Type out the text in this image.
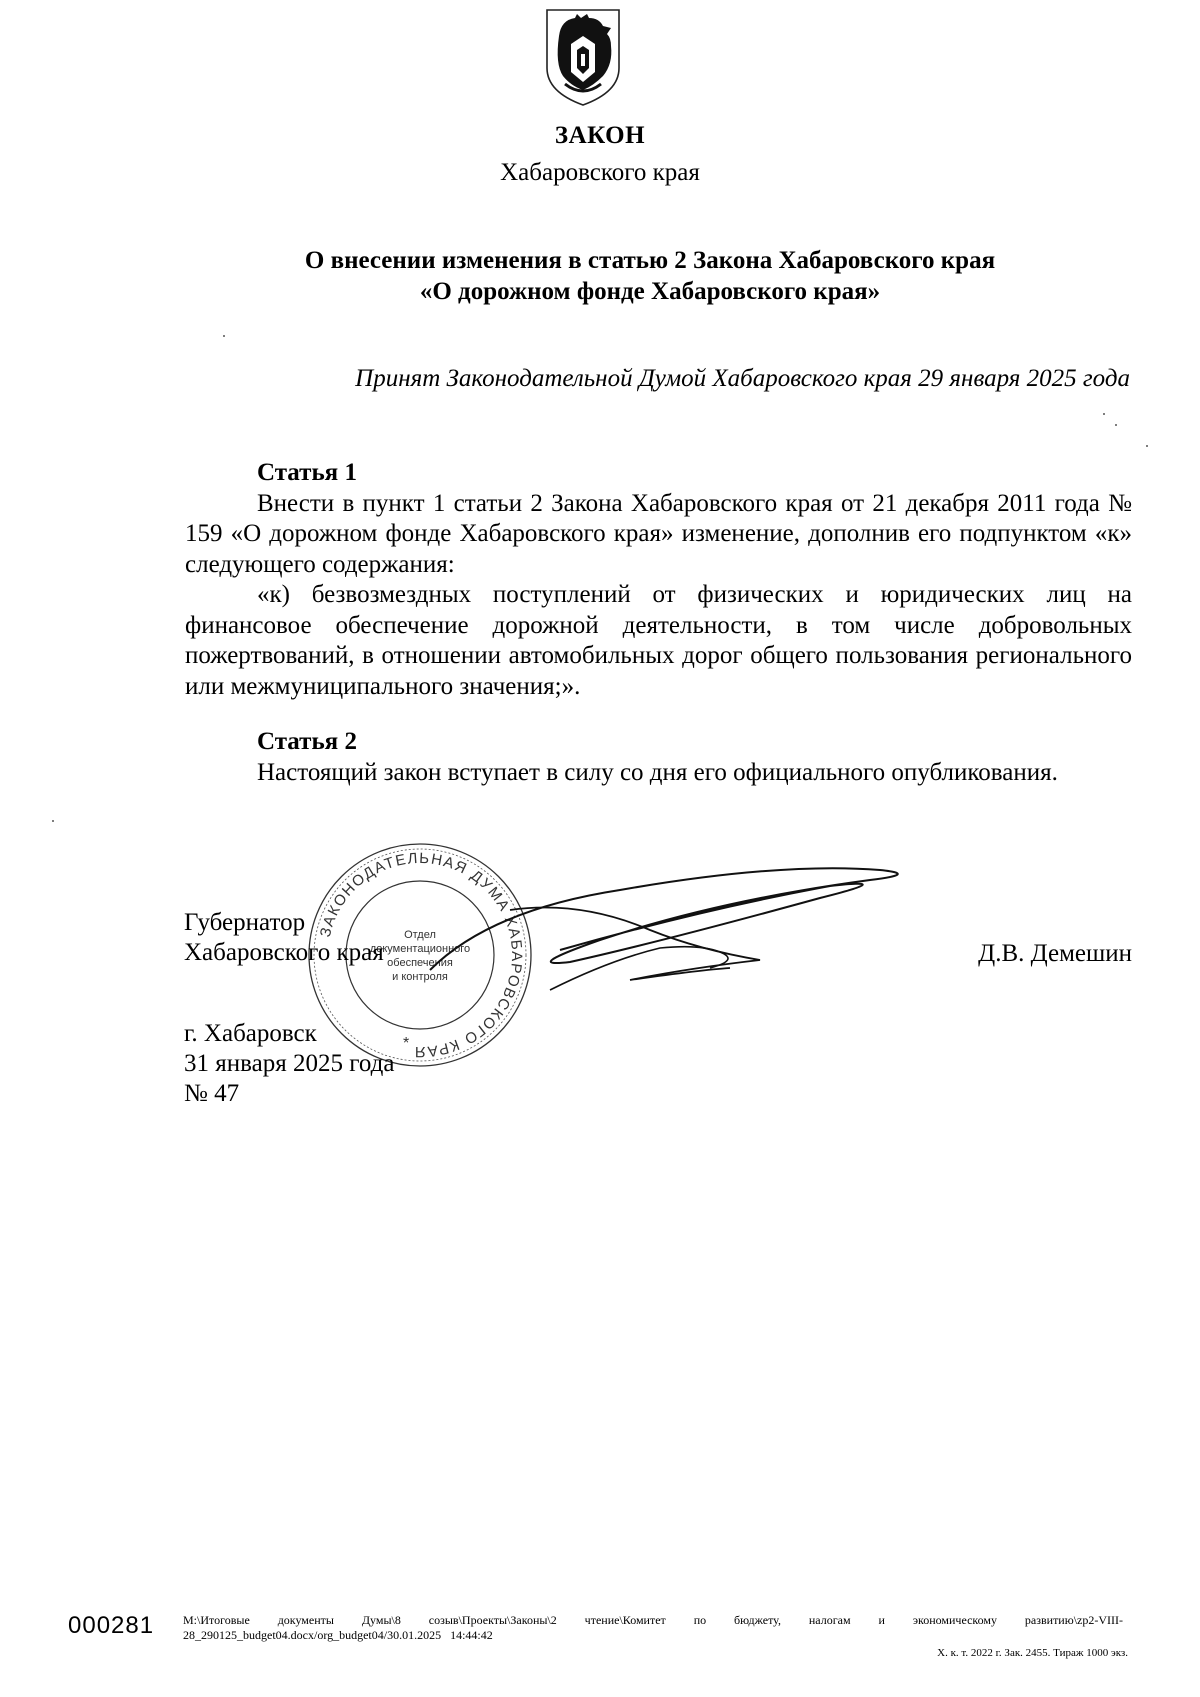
ЗАКОН
Хабаровского края
О внесении изменения в статью 2 Закона Хабаровского края
«О дорожном фонде Хабаровского края»
Принят Законодательной Думой Хабаровского края 29 января 2025 года
Статья 1

Внести в пункт 1 статьи 2 Закона Хабаровского края от 21 декабря 2011 года № 159 «О дорожном фонде Хабаровского края» изменение, дополнив его подпунктом «к» следующего содержания:

«к) безвозмездных поступлений от физических и юридических лиц на финансовое обеспечение дорожной деятельности, в том числе добровольных пожертвований, в отношении автомобильных дорог общего пользования регионального или межмуниципального значения;».

Статья 2

Настоящий закон вступает в силу со дня его официального опубликования.

ЗАКОНОДАТЕЛЬНАЯ ДУМА ХАБАРОВСКОГО КРАЯ
Отдел
документационного
обеспечения
и контроля
*
Губернатор
Хабаровского края	Д.В. Демешин
г. Хабаровск
31 января 2025 года
№ 47
000281 M:\Итоговые документы Думы\8 созыв\Проекты\Законы\2 чтение\Комитет по бюджету, налогам и экономическому развитию\zp2-VIII-28_290125_budget04.docx/org_budget04/30.01.2025 14:44:42
Х. к. т. 2022 г. Зак. 2455. Тираж 1000 экз.
